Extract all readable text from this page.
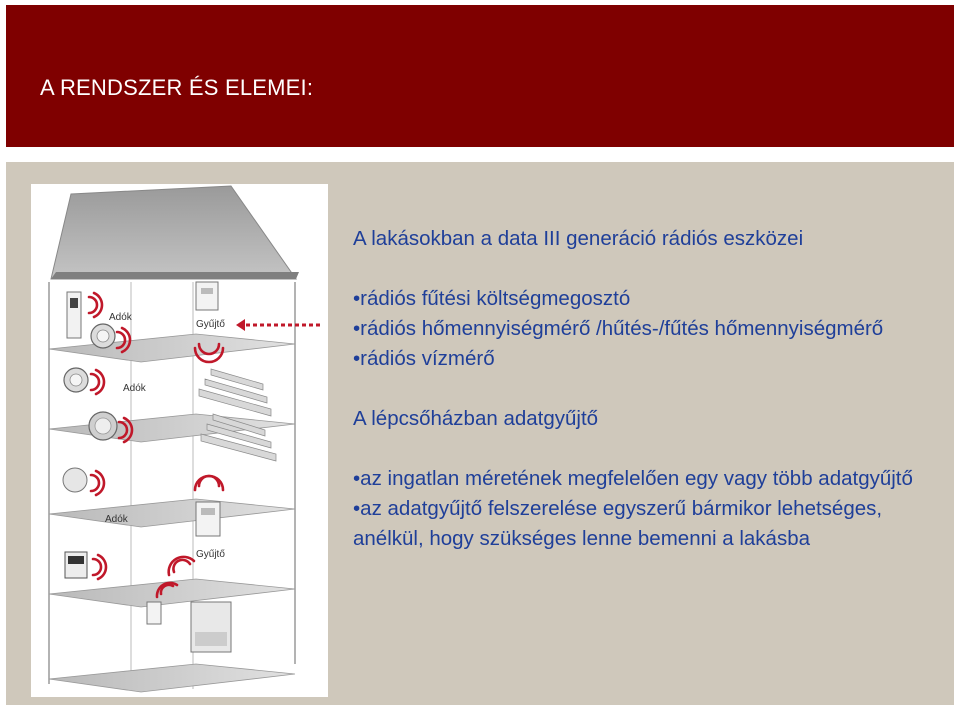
A RENDSZER ÉS ELEMEI:
Adók
Gyűjtő
Adók
Adók
Gyűjtő

A lakásokban a data III generáció rádiós eszközei

•rádiós fűtési költségmegosztó

•rádiós hőmennyiségmérő /hűtés-/fűtés hőmennyiségmérő

•rádiós vízmérő

A lépcsőházban adatgyűjtő

•az ingatlan méretének megfelelően egy vagy több adatgyűjtő

•az adatgyűjtő felszerelése egyszerű bármikor lehetséges, anélkül, hogy szükséges lenne bemenni a lakásba
